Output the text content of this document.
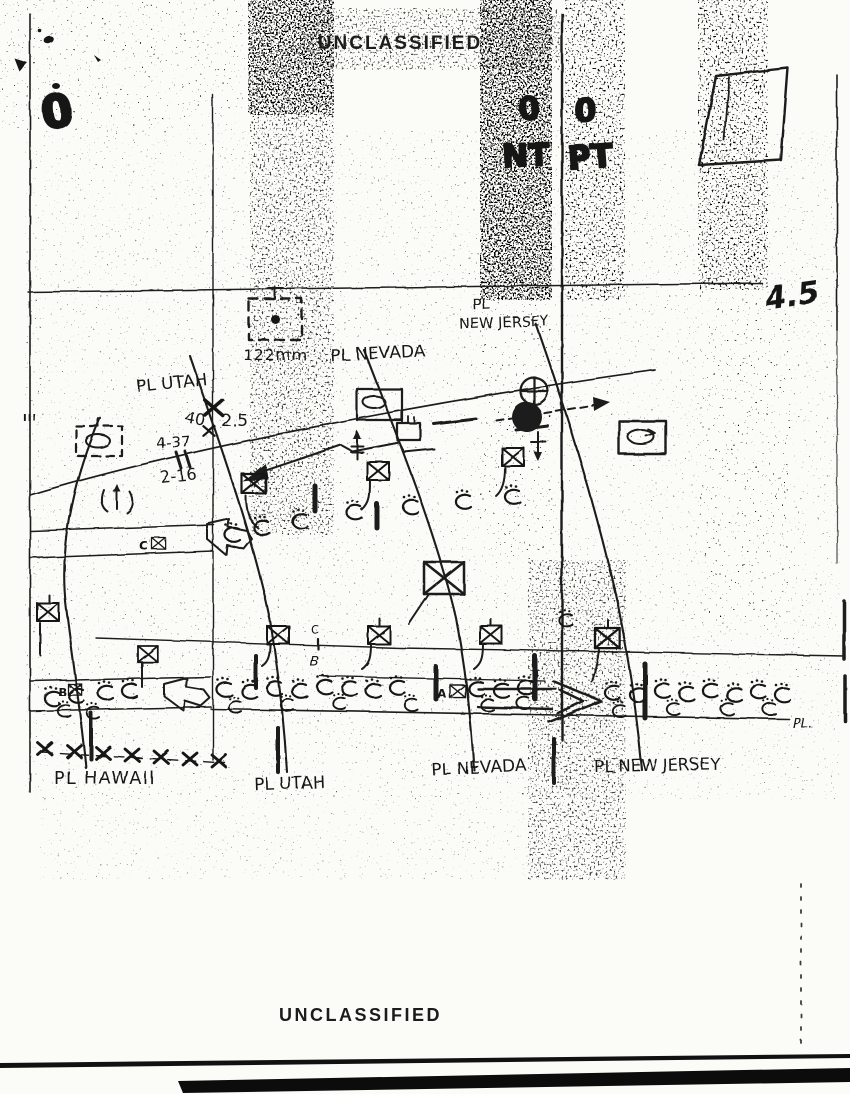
0	0 0
NT PT
4.5
III
PL UTAH
PL NEVADA
PL
NEW JERSEY
122mm
40 2.5
4-37
2-16
C
C
B
B	A
PL HAWAII	PL UTAH
PL NEVADA	PL NEW JERSEY
PL.
UNCLASSIFIED
UNCLASSIFIED
